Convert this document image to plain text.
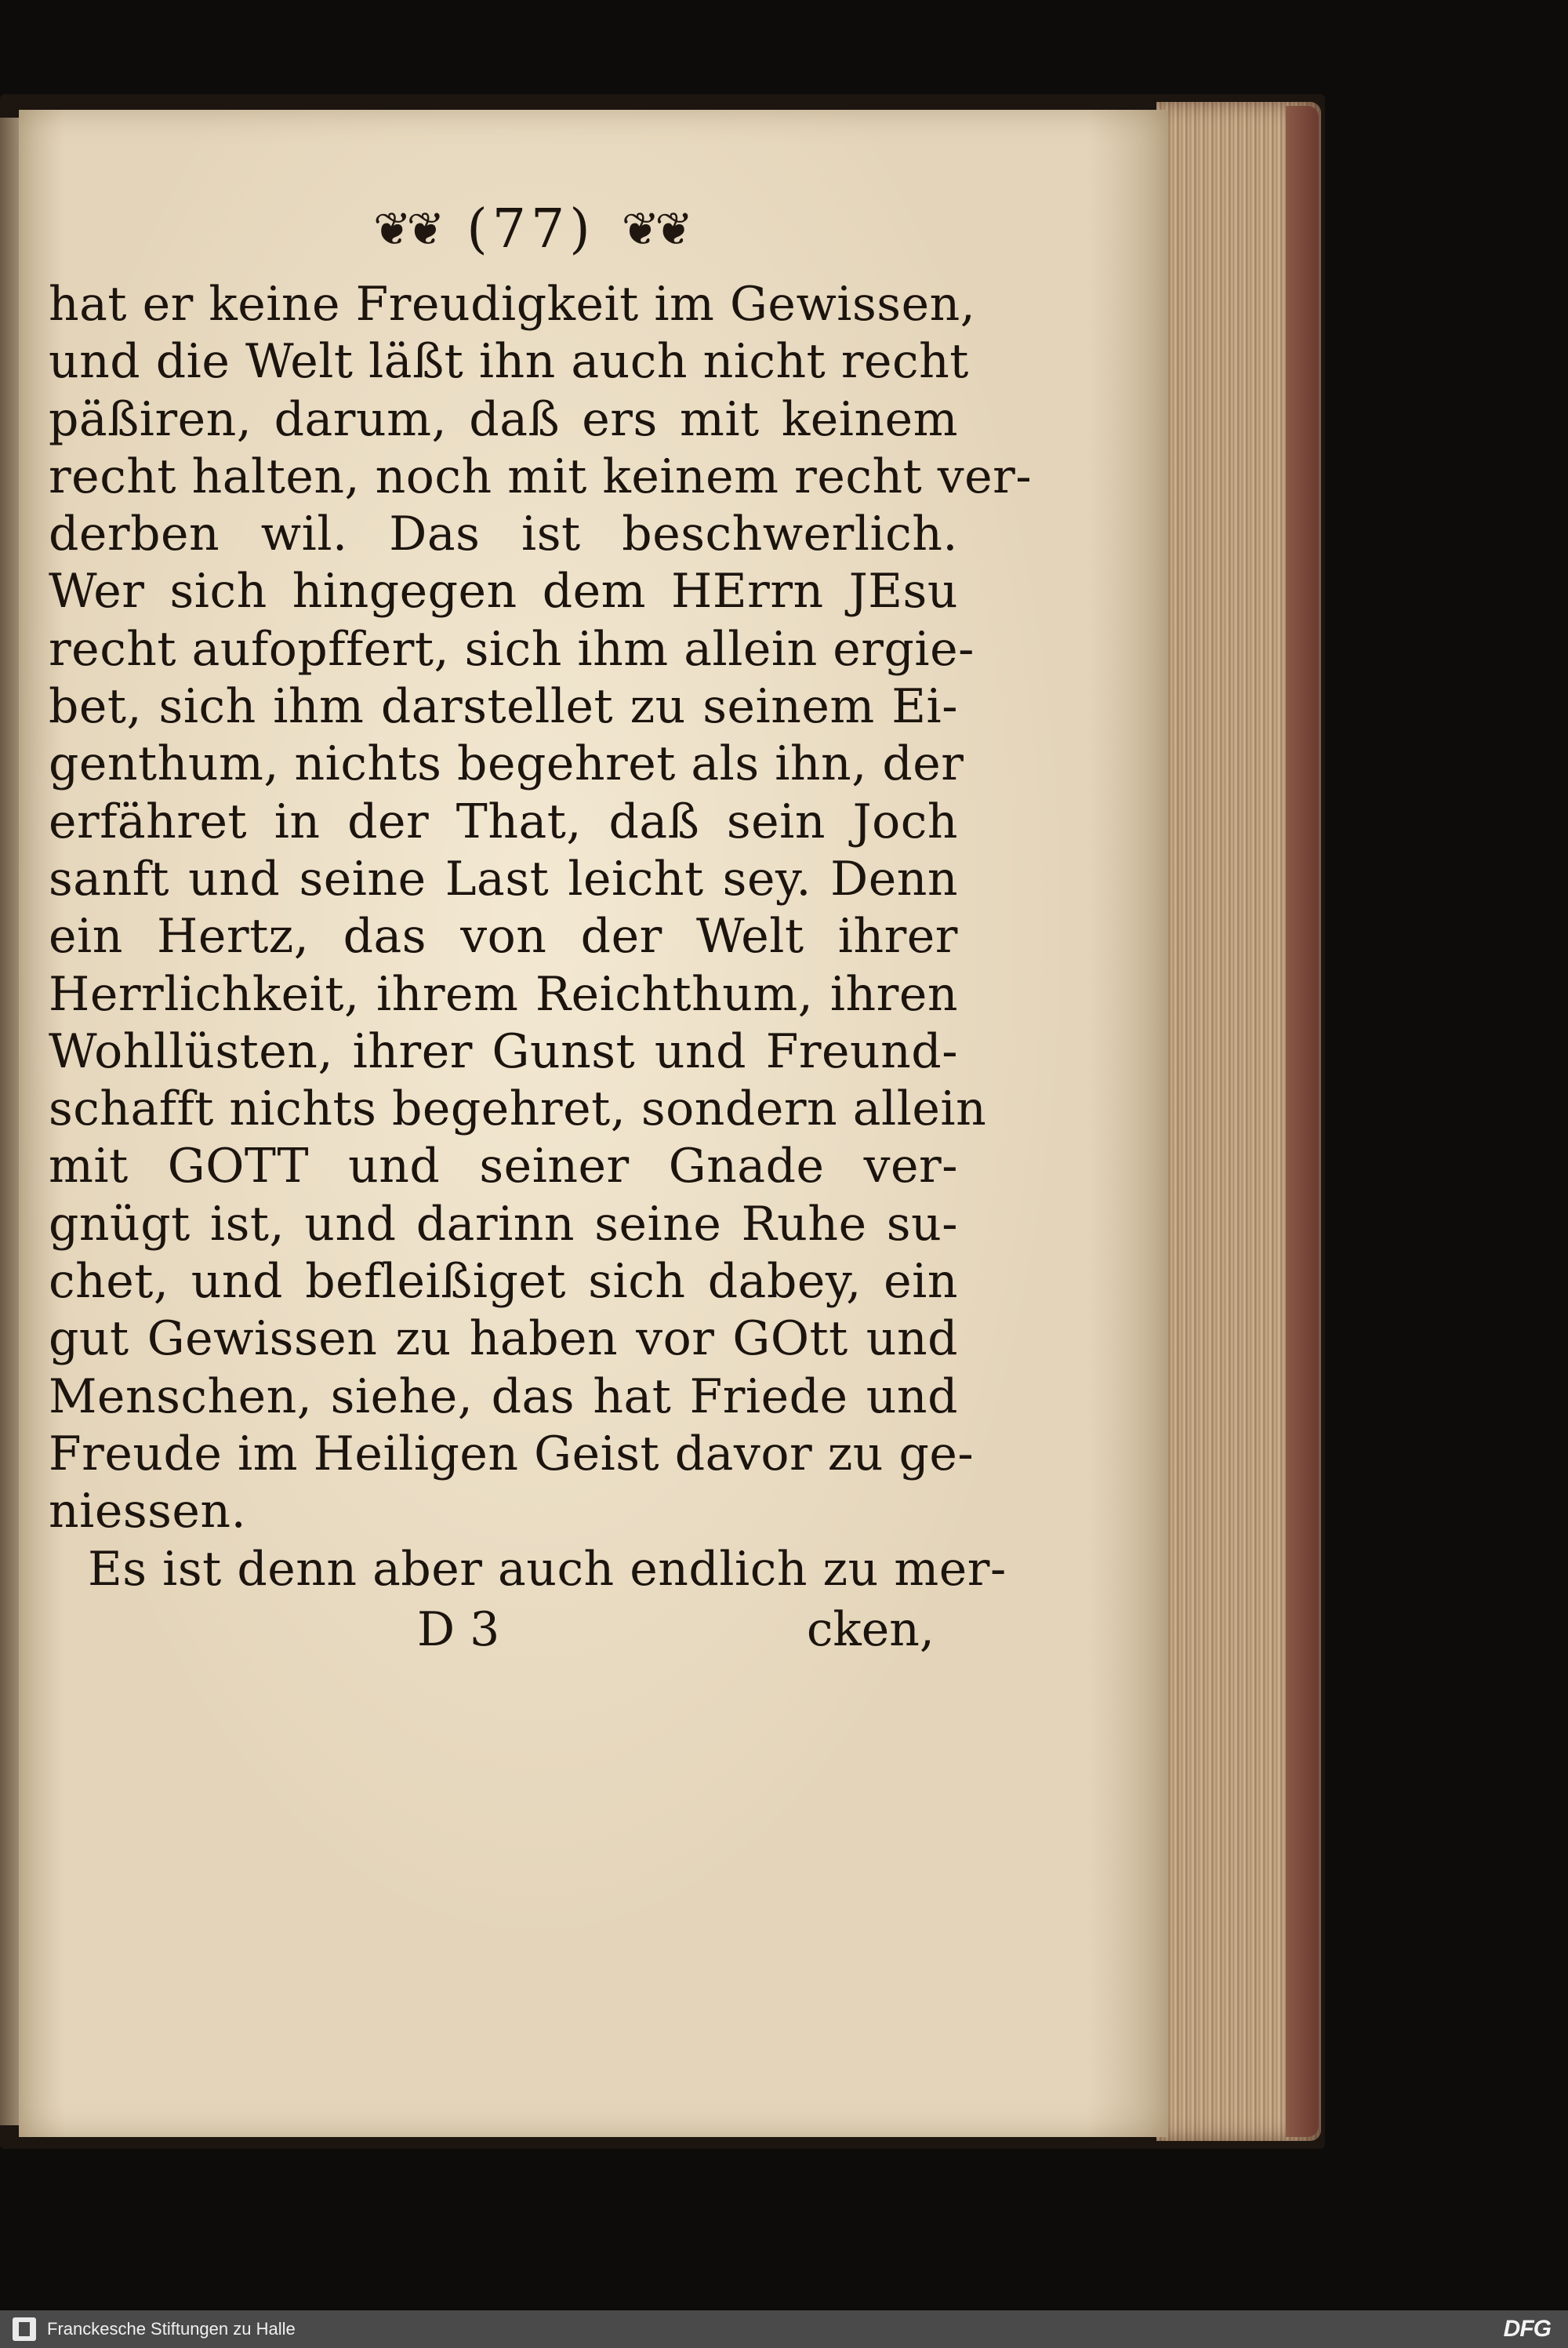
❦❦ (77) ❦❦
hat er keine Freudigkeit im Gewissen,
und die Welt läßt ihn auch nicht recht
päßiren, darum, daß ers mit keinem
recht halten, noch mit keinem recht ver-
derben wil. Das ist beschwerlich.
Wer sich hingegen dem HErrn JEsu
recht aufopffert, sich ihm allein ergie-
bet, sich ihm darstellet zu seinem Ei-
genthum, nichts begehret als ihn, der
erfähret in der That, daß sein Joch
sanft und seine Last leicht sey. Denn
ein Hertz, das von der Welt ihrer
Herrlichkeit, ihrem Reichthum, ihren
Wohllüsten, ihrer Gunst und Freund-
schafft nichts begehret, sondern allein
mit GOTT und seiner Gnade ver-
gnügt ist, und darinn seine Ruhe su-
chet, und befleißiget sich dabey, ein
gut Gewissen zu haben vor GOtt und
Menschen, siehe, das hat Friede und
Freude im Heiligen Geist davor zu ge-
niessen.
Es ist denn aber auch endlich zu mer-
D 3	cken,
Franckesche Stiftungen zu Halle	DFG
